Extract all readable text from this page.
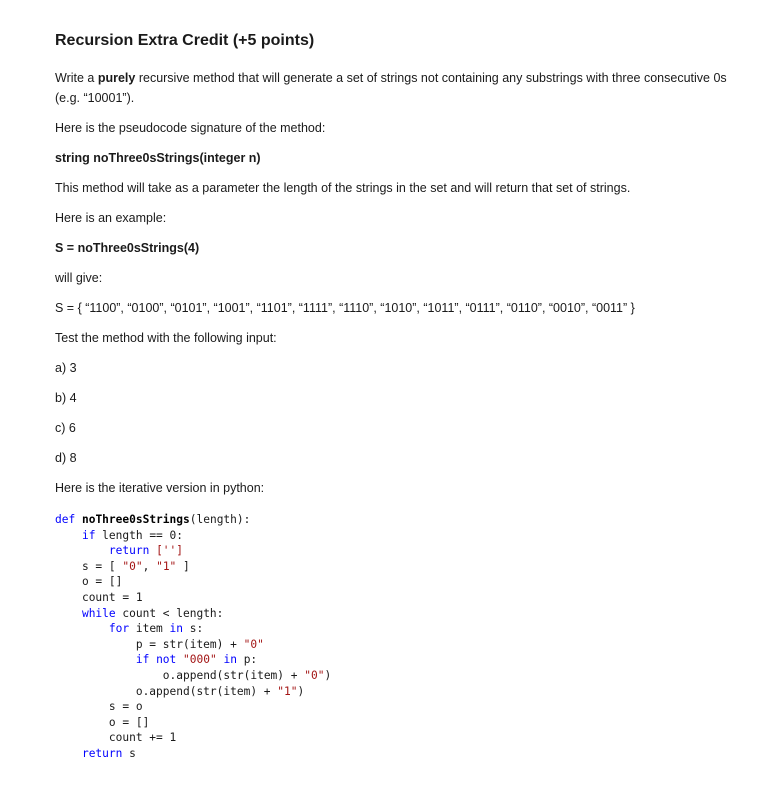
Recursion Extra Credit (+5 points)
Write a purely recursive method that will generate a set of strings not containing any substrings with three consecutive 0s (e.g. “10001”).
Here is the pseudocode signature of the method:
string noThree0sStrings(integer n)
This method will take as a parameter the length of the strings in the set and will return that set of strings.
Here is an example:
S = noThree0sStrings(4)
will give:
S = { “1100”, “0100”, “0101”, “1001”, “1101”, “1111”, “1110”, “1010”, “1011”, “0111”, “0110”, “0010”, “0011” }
Test the method with the following input:
a) 3
b) 4
c) 6
d) 8
Here is the iterative version in python:
def noThree0sStrings(length):
if length == 0:
return ['']
s = [ "0", "1" ]
o = []
count = 1
while count < length:
for item in s:
p = str(item) + "0"
if not "000" in p:
o.append(str(item) + "0")
o.append(str(item) + "1")
s = o
o = []
count += 1
return s
